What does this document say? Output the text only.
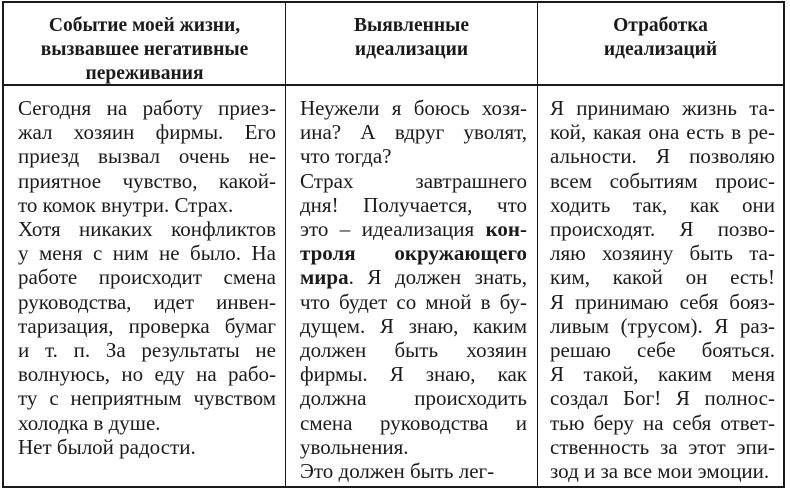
Событие моей жизни,
вызвавшее негативные
переживания
Выявленные
идеализации
Отработка
идеализаций
Сегодня на работу приез-
жал хозяин фирмы. Его
приезд вызвал очень не-
приятное чувство, какой-
то комок внутри. Страх.
Хотя никаких конфликтов
у меня с ним не было. На
работе происходит смена
руководства, идет инвен-
таризация, проверка бумаг
и т. п. За результаты не
волнуюсь, но еду на рабо-
ту с неприятным чувством
холодка в душе.
Нет былой радости.
Неужели я боюсь хозя-
ина? А вдруг уволят,
что тогда?
Страх завтрашнего
дня! Получается, что
это – идеализация кон-
троля окружающего
мира. Я должен знать,
что будет со мной в бу-
дущем. Я знаю, каким
должен быть хозяин
фирмы. Я знаю, как
должна происходить
смена руководства и
увольнения.
Это должен быть лег-
Я принимаю жизнь та-
кой, какая она есть в ре-
альности. Я позволяю
всем событиям проис-
ходить так, как они
происходят. Я позво-
ляю хозяину быть та-
ким, какой он есть!
Я принимаю себя бояз-
ливым (трусом). Я раз-
решаю себе бояться.
Я такой, каким меня
создал Бог! Я полнос-
тью беру на себя ответ-
ственность за этот эпи-
зод и за все мои эмоции.
